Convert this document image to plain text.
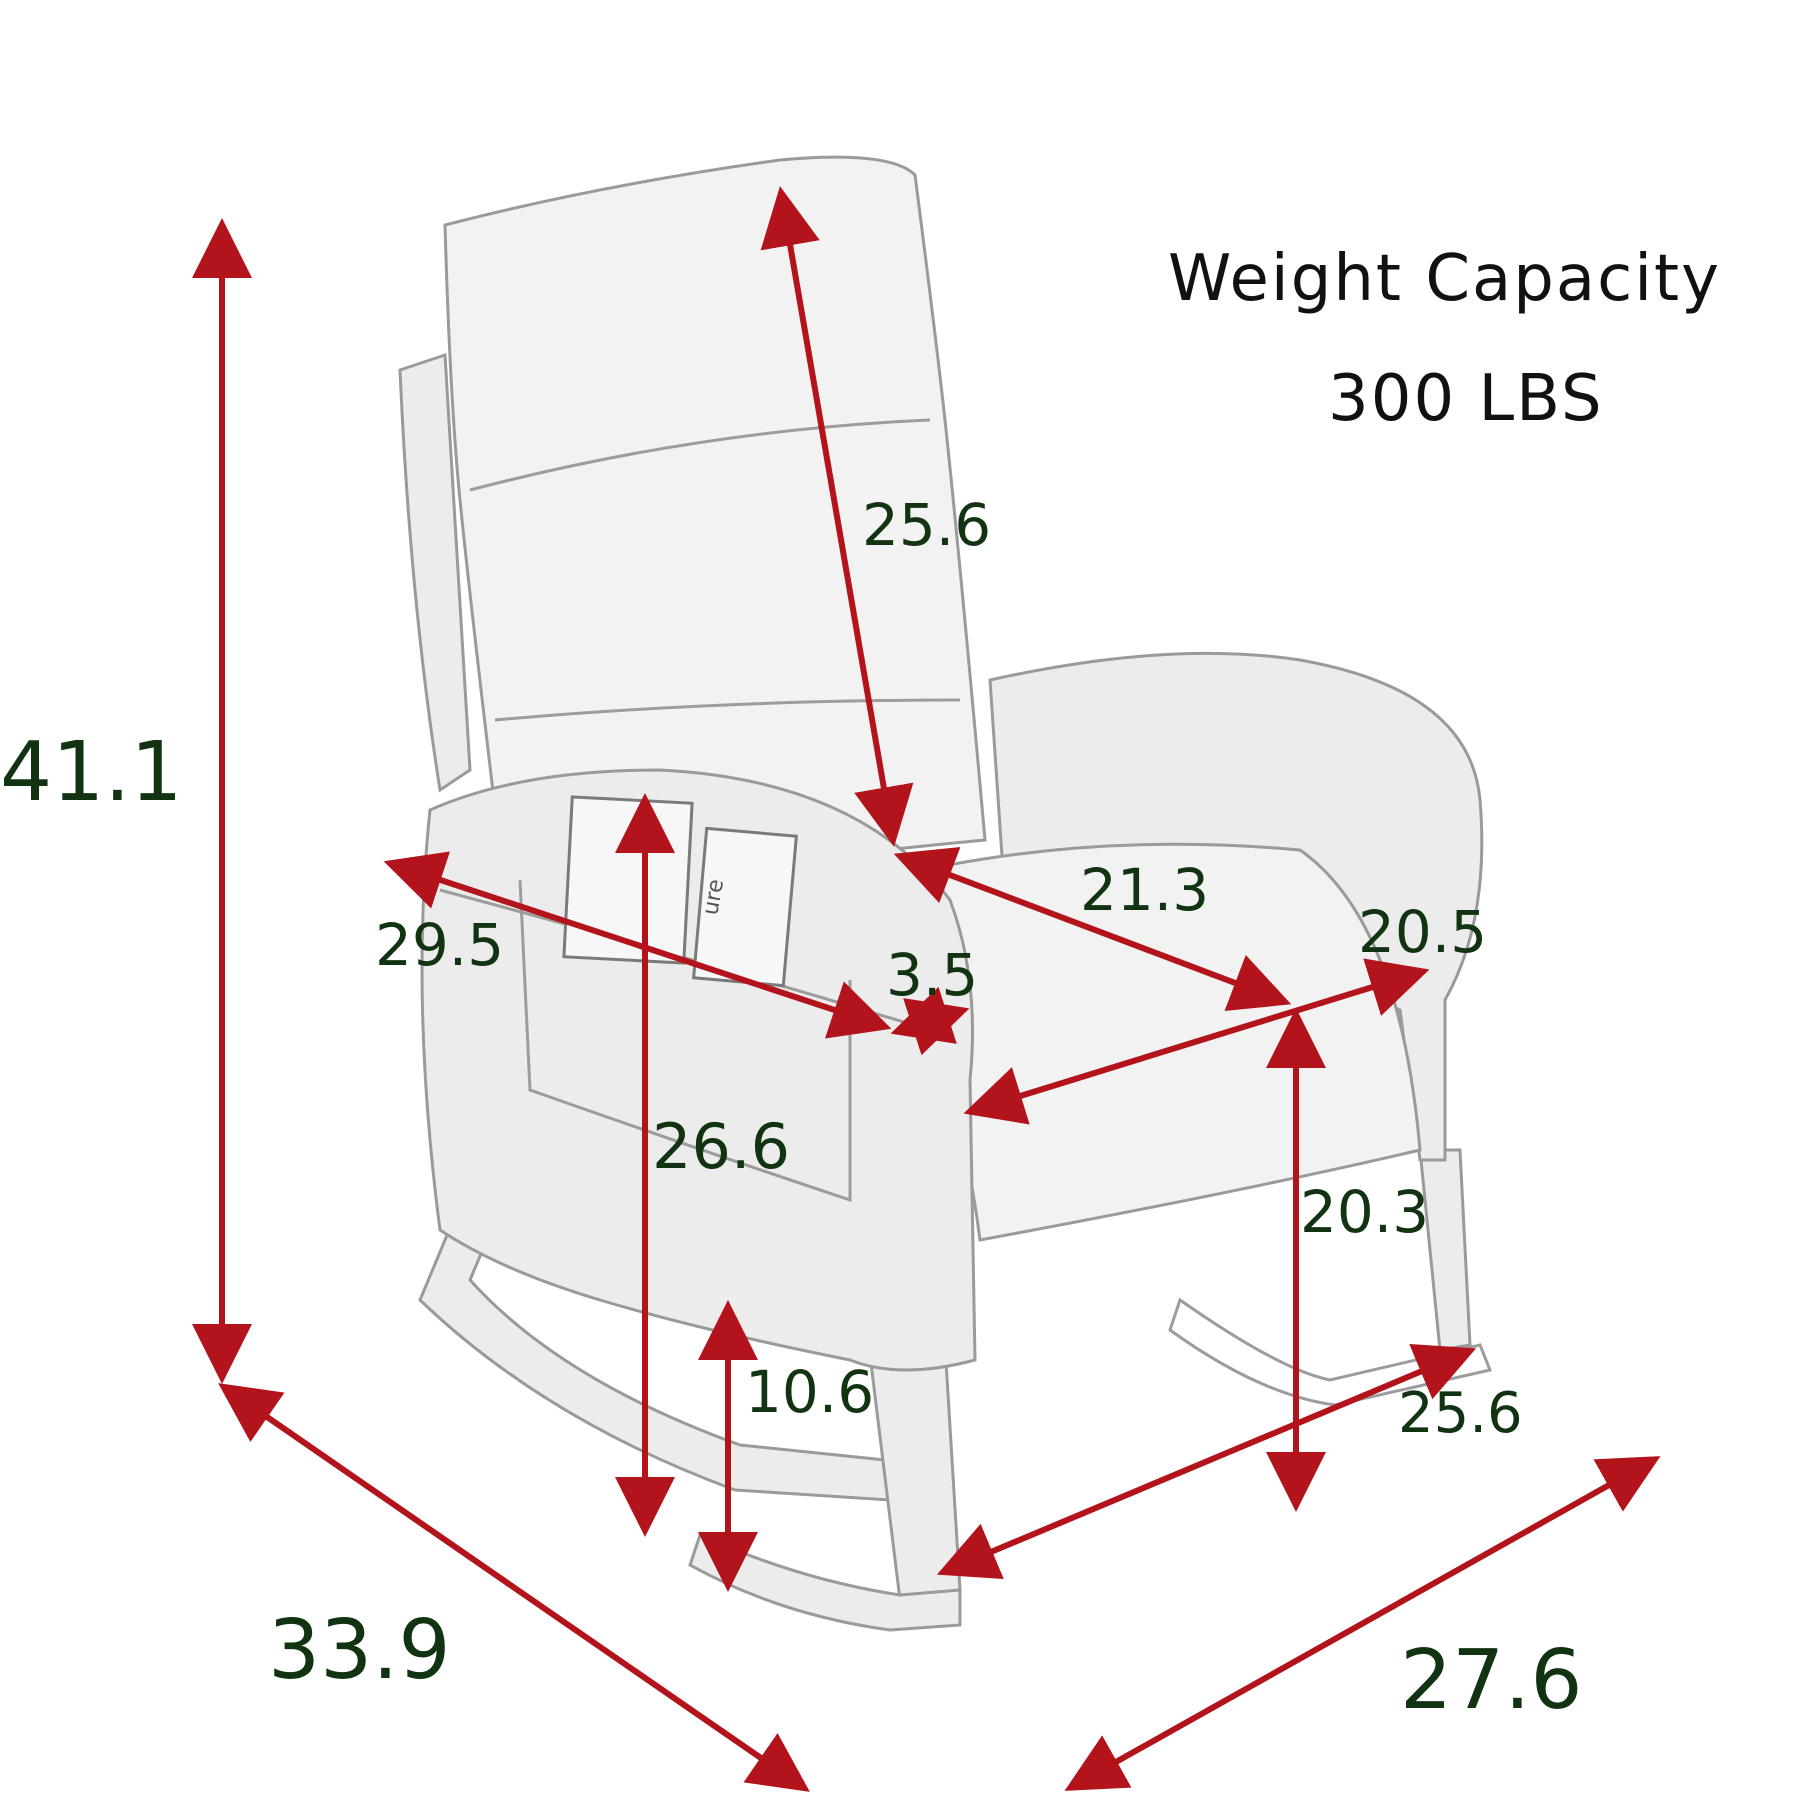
ure
41.1
25.6
21.3
29.5	3.5
20.5
26.6
20.3
10.6	25.6
33.9	27.6
Weight Capacity
300 LBS
